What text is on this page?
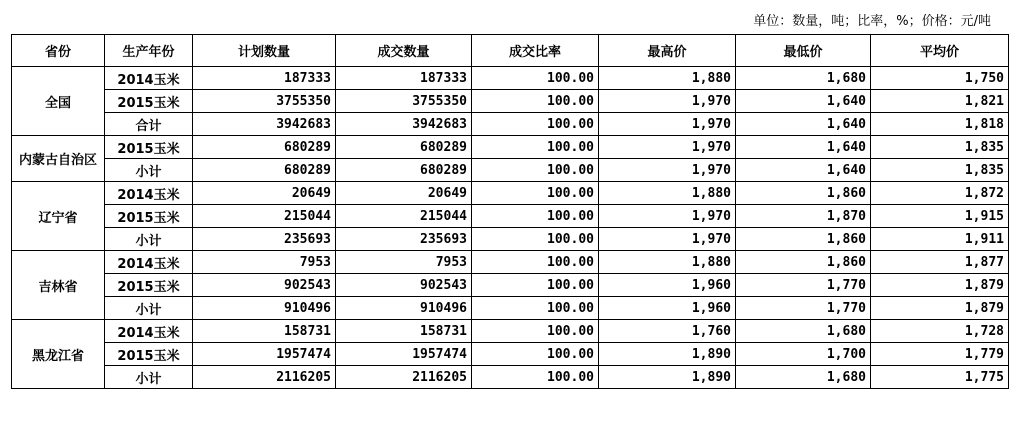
单位：数量，吨；比率，%；价格：元/吨
省份	生产年份	计划数量	成交数量	成交比率	最高价	最低价	平均价
全国	2014玉米	187333	187333	100.00	1,880	1,680	1,750
	2015玉米	3755350	3755350	100.00	1,970	1,640	1,821
	合计	3942683	3942683	100.00	1,970	1,640	1,818
内蒙古自治区	2015玉米	680289	680289	100.00	1,970	1,640	1,835
	小计	680289	680289	100.00	1,970	1,640	1,835
辽宁省	2014玉米	20649	20649	100.00	1,880	1,860	1,872
	2015玉米	215044	215044	100.00	1,970	1,870	1,915
	小计	235693	235693	100.00	1,970	1,860	1,911
吉林省	2014玉米	7953	7953	100.00	1,880	1,860	1,877
	2015玉米	902543	902543	100.00	1,960	1,770	1,879
	小计	910496	910496	100.00	1,960	1,770	1,879
黑龙江省	2014玉米	158731	158731	100.00	1,760	1,680	1,728
	2015玉米	1957474	1957474	100.00	1,890	1,700	1,779
	小计	2116205	2116205	100.00	1,890	1,680	1,775
